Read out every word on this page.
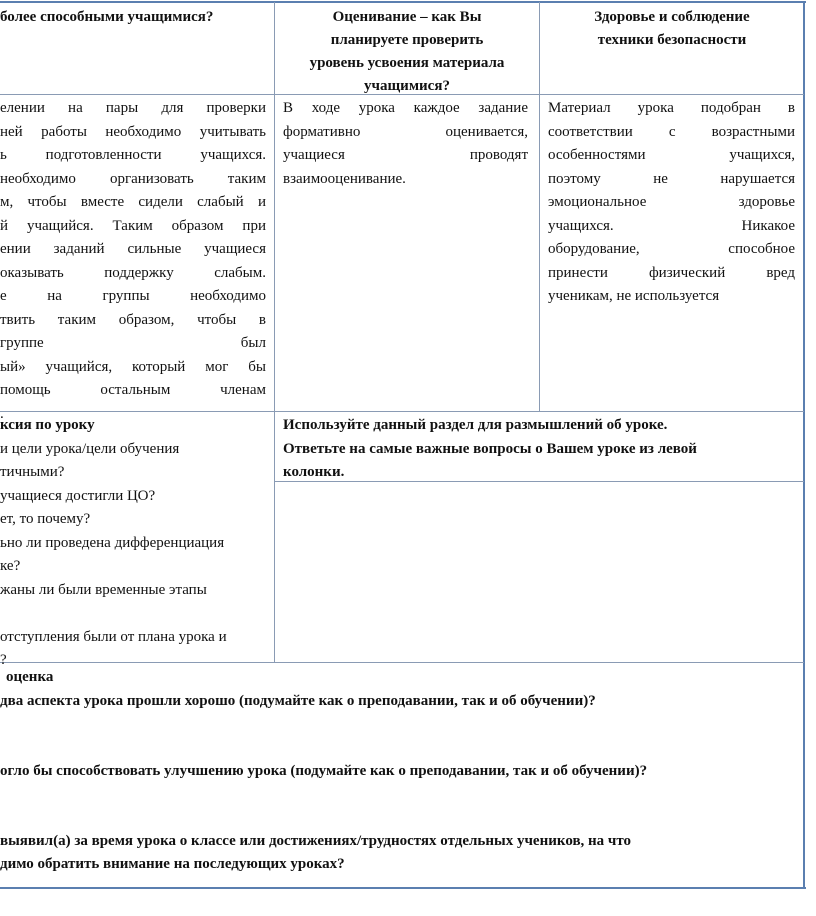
более способными учащимися?	Оценивание – как Вы
планируете проверить
уровень усвоения материала
учащимися?
Здоровье и соблюдение
техники безопасности
елении на пары для проверки
ней работы необходимо учитывать
ь подготовленности учащихся.
необходимо организовать таким
м, чтобы вместе сидели слабый и
й учащийся. Таким образом при
ении заданий сильные учащиеся
оказывать поддержку слабым.
е на группы необходимо
твить таким образом, чтобы в
группе был
ый» учащийся, который мог бы
помощь остальным членам
.
В ходе урока каждое задание
формативно оценивается,
учащиеся проводят
взаимооценивание.
Материал урока подобран в
соответствии с возрастными
особенностями учащихся,
поэтому не нарушается
эмоциональное здоровье
учащихся. Никакое
оборудование, способное
принести физический вред
ученикам, не используется
ксия по уроку
и цели урока/цели обучения
тичными?
учащиеся достигли ЦО?
ет, то почему?
ьно ли проведена дифференциация
ке?
жаны ли были временные этапы
отступления были от плана урока и
?
Используйте данный раздел для размышлений об уроке.
Ответьте на самые важные вопросы о Вашем уроке из левой
колонки.
оценка
два аспекта урока прошли хорошо (подумайте как о преподавании, так и об обучении)?
огло бы способствовать улучшению урока (подумайте как о преподавании, так и об обучении)?
выявил(а) за время урока о классе или достижениях/трудностях отдельных учеников, на что
димо обратить внимание на последующих уроках?
